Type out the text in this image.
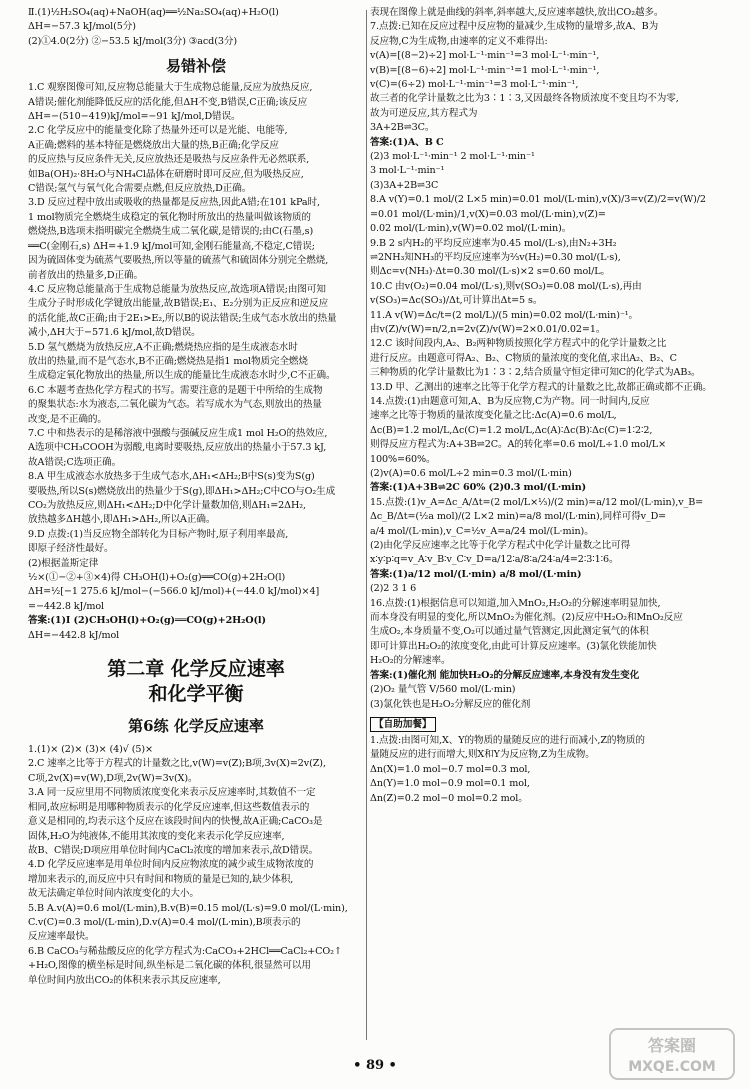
Ⅱ.(1)½H₂SO₄(aq)+NaOH(aq)══½Na₂SO₄(aq)+H₂O(l)
ΔH=−57.3 kJ/mol(5分)
(2)①4.0(2分) ②−53.5 kJ/mol(3分) ③acd(3分)
易错补偿
1.C 观察图像可知,反应物总能量大于生成物总能量,反应为放热反应,
A错误;催化剂能降低反应的活化能,但ΔH不变,B错误,C正确;该反应
ΔH=−(510−419)kJ/mol=−91 kJ/mol,D错误。
2.C 化学反应中的能量变化除了热量外还可以是光能、电能等,
A正确;燃料的基本特征是燃烧放出大量的热,B正确;化学反应
的反应热与反应条件无关,反应放热还是吸热与反应条件无必然联系,
如Ba(OH)₂·8H₂O与NH₄Cl晶体在研磨时即可反应,但为吸热反应,
C错误;氢气与氧气化合需要点燃,但反应放热,D正确。
3.D 反应过程中放出或吸收的热量都是反应热,因此A错;在101 kPa时,
1 mol物质完全燃烧生成稳定的氧化物时所放出的热量叫做该物质的
燃烧热,B选项未指明碳完全燃烧生成二氧化碳,是错误的;由C(石墨,s)
══C(金刚石,s) ΔH=+1.9 kJ/mol可知,金刚石能量高,不稳定,C错误;
因为硫固体变为硫蒸气要吸热,所以等量的硫蒸气和硫固体分别完全燃烧,
前者放出的热量多,D正确。
4.C 反应物总能量高于生成物总能量为放热反应,故选项A错误;由图可知
生成分子时形成化学键放出能量,故B错误;E₁、E₂分别为正反应和逆反应
的活化能,故C正确;由于2E₁>E₂,所以B的说法错误;生成气态水放出的热量
减小,ΔH大于−571.6 kJ/mol,故D错误。
5.D 氢气燃烧为放热反应,A不正确;燃烧热应指的是生成液态水时
放出的热量,而不是气态水,B不正确;燃烧热是指1 mol物质完全燃烧
生成稳定氧化物放出的热量,所以生成的能量比生成液态水时少,C不正确。
6.C 本题考查热化学方程式的书写。需要注意的是题干中所给的生成物
的聚集状态:水为液态,二氧化碳为气态。若写成水为气态,则放出的热量
改变,是不正确的。
7.C 中和热表示的是稀溶液中强酸与强碱反应生成1 mol H₂O的热效应,
A选项中CH₃COOH为弱酸,电离时要吸热,反应放出的热量小于57.3 kJ,
故A错误;C选项正确。
8.A 甲生成液态水放热多于生成气态水,ΔH₁<ΔH₂;B中S(s)变为S(g)
要吸热,所以S(s)燃烧放出的热量少于S(g),即ΔH₁>ΔH₂;C中CO与O₂生成
CO₂为放热反应,则ΔH₁<ΔH₂;D中化学计量数加倍,则ΔH₁=2ΔH₂,
放热越多ΔH越小,即ΔH₁>ΔH₂,所以A正确。
9.D 点拨:(1)当反应物全部转化为目标产物时,原子利用率最高,
即原子经济性最好。
(2)根据盖斯定律
½×(①−②+③×4)得 CH₃OH(l)+O₂(g)══CO(g)+2H₂O(l)
ΔH=½[−1 275.6 kJ/mol−(−566.0 kJ/mol)+(−44.0 kJ/mol)×4]
=−442.8 kJ/mol
答案:(1)Ⅰ (2)CH₃OH(l)+O₂(g)══CO(g)+2H₂O(l)
ΔH=−442.8 kJ/mol
第二章 化学反应速率
和化学平衡
第6练 化学反应速率
1.(1)× (2)× (3)× (4)√ (5)×
2.C 速率之比等于方程式的计量数之比,v(W)=v(Z);B项,3v(X)=2v(Z),
C项,2v(X)=v(W),D项,2v(W)=3v(X)。
3.A 同一反应里用不同物质浓度变化来表示反应速率时,其数值不一定
相同,故应标明是用哪种物质表示的化学反应速率,但这些数值表示的
意义是相同的,均表示这个反应在该段时间内的快慢,故A正确;CaCO₃是
固体,H₂O为纯液体,不能用其浓度的变化来表示化学反应速率,
故B、C错误;D项应用单位时间内CaCl₂浓度的增加来表示,故D错误。
4.D 化学反应速率是用单位时间内反应物浓度的减少或生成物浓度的
增加来表示的,而反应中只有时间和物质的量是已知的,缺少体积,
故无法确定单位时间内浓度变化的大小。
5.B A.v(A)=0.6 mol/(L·min),B.v(B)=0.15 mol/(L·s)=9.0 mol/(L·min),
C.v(C)=0.3 mol/(L·min),D.v(A)=0.4 mol/(L·min),B项表示的
反应速率最快。
6.B CaCO₃与稀盐酸反应的化学方程式为:CaCO₃+2HCl══CaCl₂+CO₂↑
+H₂O,图像的横坐标是时间,纵坐标是二氧化碳的体积,很显然可以用
单位时间内放出CO₂的体积来表示其反应速率,
表现在图像上就是曲线的斜率,斜率越大,反应速率越快,放出CO₂越多。
7.点拨:已知在反应过程中反应物的量减少,生成物的量增多,故A、B为
反应物,C为生成物,由速率的定义不难得出:
v(A)=[(8−2)÷2] mol·L⁻¹·min⁻¹=3 mol·L⁻¹·min⁻¹,
v(B)=[(8−6)÷2] mol·L⁻¹·min⁻¹=1 mol·L⁻¹·min⁻¹,
v(C)=(6÷2) mol·L⁻¹·min⁻¹=3 mol·L⁻¹·min⁻¹,
故三者的化学计量数之比为3∶1∶3,又因最终各物质浓度不变且均不为零,
故为可逆反应,其方程式为
3A+2B⇌3C。
答案:(1)A、B C
(2)3 mol·L⁻¹·min⁻¹ 2 mol·L⁻¹·min⁻¹
3 mol·L⁻¹·min⁻¹
(3)3A+2B⇌3C
8.A v(Y)=0.1 mol/(2 L×5 min)=0.01 mol/(L·min),v(X)/3=v(Z)/2=v(W)/2
=0.01 mol/(L·min)/1,v(X)=0.03 mol/(L·min),v(Z)=
0.02 mol/(L·min),v(W)=0.02 mol/(L·min)。
9.B 2 s内H₂的平均反应速率为0.45 mol/(L·s),由N₂+3H₂
⇌2NH₃知NH₃的平均反应速率为⅔v(H₂)=0.30 mol/(L·s),
则Δc=v(NH₃)·Δt=0.30 mol/(L·s)×2 s=0.60 mol/L。
10.C 由v(O₂)=0.04 mol/(L·s),则v(SO₃)=0.08 mol/(L·s),再由
v(SO₃)=Δc(SO₃)/Δt,可计算出Δt=5 s。
11.A v(W)=Δc/t=(2 mol/L)/(5 min)=0.02 mol/(L·min)⁻¹。
由v(Z)/v(W)=n/2,n=2v(Z)/v(W)=2×0.01/0.02=1。
12.C 该时间段内,A₂、B₂两种物质按照化学方程式中的化学计量数之比
进行反应。由题意可得A₂、B₂、C物质的量浓度的变化值,求出A₂、B₂、C
三种物质的化学计量数比为1∶3∶2,结合质量守恒定律可知C的化学式为AB₃。
13.D 甲、乙测出的速率之比等于化学方程式的计量数之比,故都正确或都不正确。
14.点拨:(1)由题意可知,A、B为反应物,C为产物。同一时间内,反应
速率之比等于物质的量浓度变化量之比:Δc(A)=0.6 mol/L,
Δc(B)=1.2 mol/L,Δc(C)=1.2 mol/L,Δc(A)∶Δc(B)∶Δc(C)=1∶2∶2,
则得反应方程式为:A+3B⇌2C。A的转化率=0.6 mol/L÷1.0 mol/L×
100%=60%。
(2)v(A)=0.6 mol/L÷2 min=0.3 mol/(L·min)
答案:(1)A+3B⇌2C 60% (2)0.3 mol/(L·min)
15.点拨:(1)v_A=Δc_A/Δt=(2 mol/L×⅓)/(2 min)=a/12 mol/(L·min),v_B=
Δc_B/Δt=(½a mol)/(2 L×2 min)=a/8 mol/(L·min),同样可得v_D=
a/4 mol/(L·min),v_C=½v_A=a/24 mol/(L·min)。
(2)由化学反应速率之比等于化学方程式中化学计量数之比可得
x∶y∶p∶q=v_A∶v_B∶v_C∶v_D=a/12∶a/8∶a/24∶a/4=2∶3∶1∶6。
答案:(1)a/12 mol/(L·min) a/8 mol/(L·min)
(2)2 3 1 6
16.点拨:(1)根据信息可以知道,加入MnO₂,H₂O₂的分解速率明显加快,
而本身没有明显的变化,所以MnO₂为催化剂。(2)反应中H₂O₂和MnO₂反应
生成O₂,本身质量不变,O₂可以通过量气管测定,因此测定氧气的体积
即可计算出H₂O₂的浓度变化,由此可计算反应速率。(3)氯化铁能加快
H₂O₂的分解速率。
答案:(1)催化剂 能加快H₂O₂的分解反应速率,本身没有发生变化
(2)O₂ 量气管 V/560 mol/(L·min)
(3)氯化铁也是H₂O₂分解反应的催化剂
【自助加餐】
1.点拨:由图可知,X、Y的物质的量随反应的进行而减小,Z的物质的
量随反应的进行而增大,则X和Y为反应物,Z为生成物。
Δn(X)=1.0 mol−0.7 mol=0.3 mol,
Δn(Y)=1.0 mol−0.9 mol=0.1 mol,
Δn(Z)=0.2 mol−0 mol=0.2 mol。
• 89 •
答案圈
MXQE.COM
